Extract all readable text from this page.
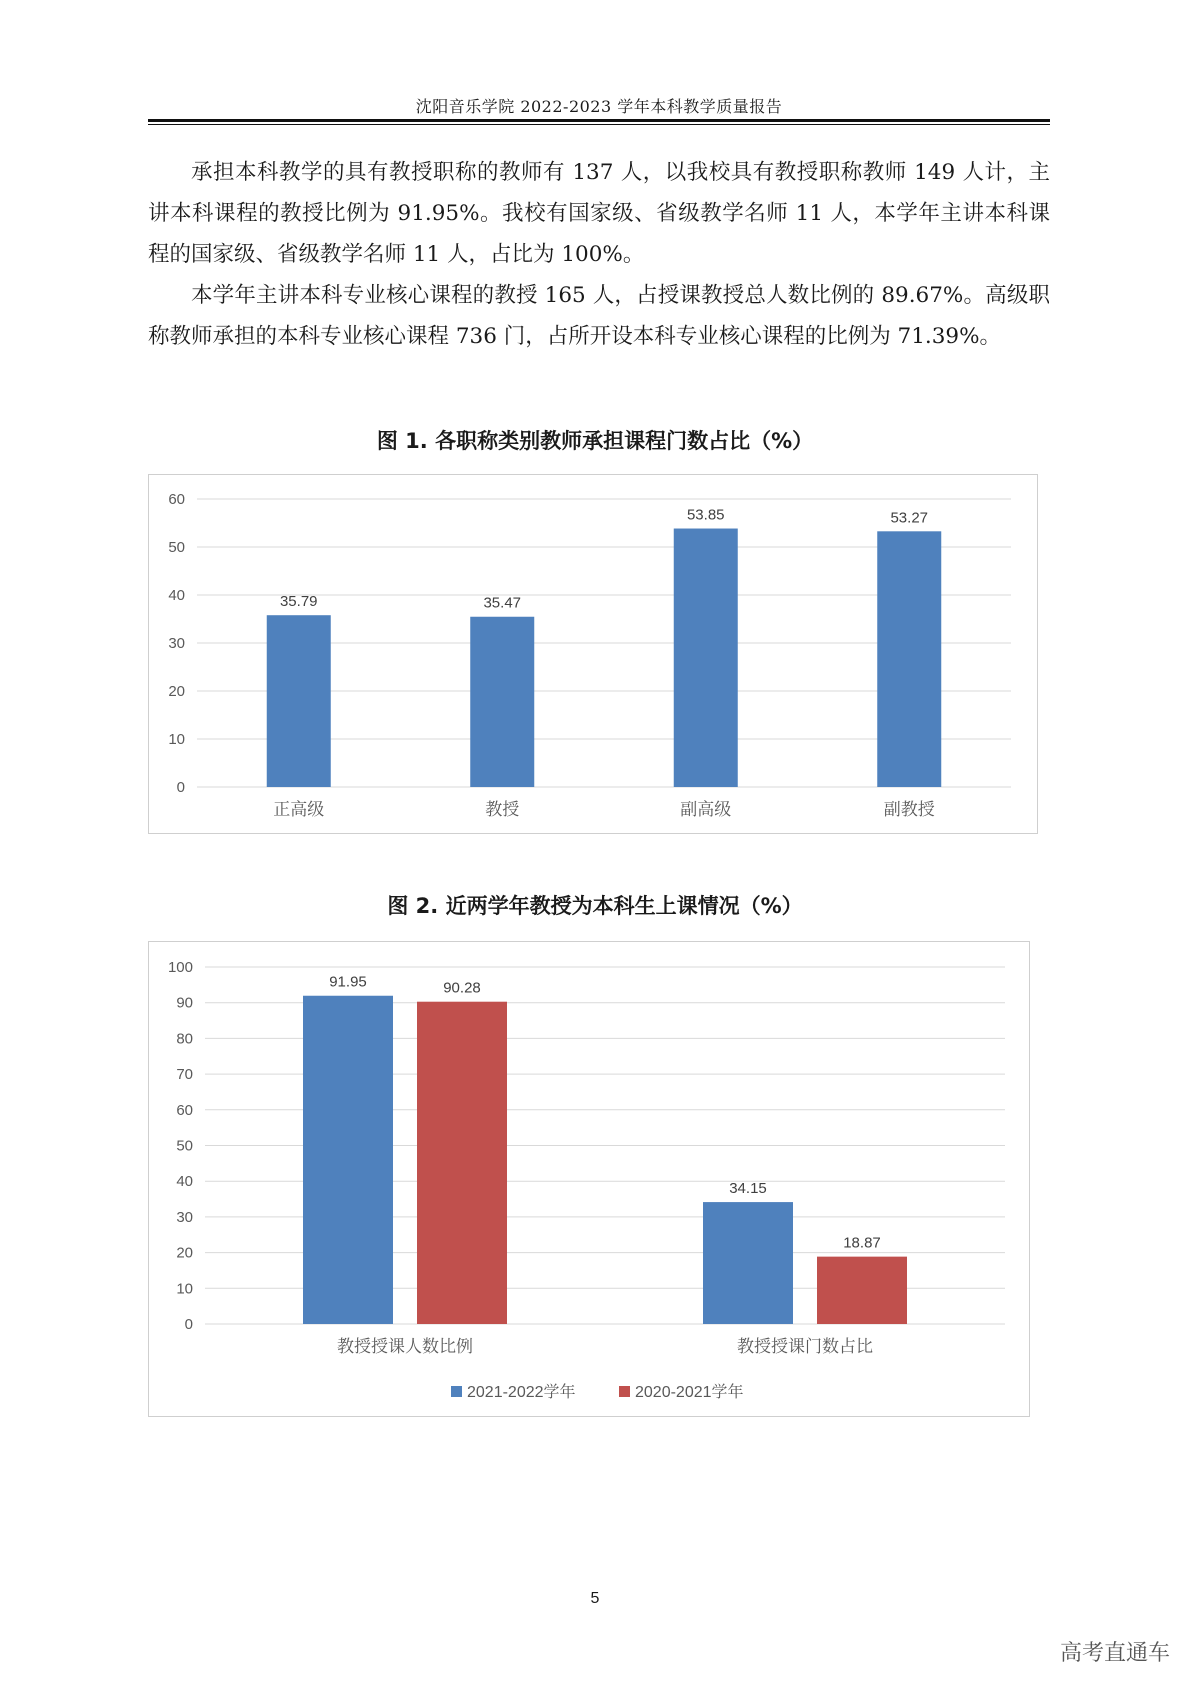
沈阳音乐学院 2022-2023 学年本科教学质量报告

承担本科教学的具有教授职称的教师有 137 人，以我校具有教授职称教师 149 人计，主讲本科课程的教授比例为 91.95%。我校有国家级、省级教学名师 11 人，本学年主讲本科课程的国家级、省级教学名师 11 人，占比为 100%。

本学年主讲本科专业核心课程的教授 165 人，占授课教授总人数比例的 89.67%。高级职称教师承担的本科专业核心课程 736 门，占所开设本科专业核心课程的比例为 71.39%。

图 1. 各职称类别教师承担课程门数占比（%）
0
10
20
30
40
50
60
35.79
正高级
35.47
教授
53.85
副高级
53.27
副教授
图 2. 近两学年教授为本科生上课情况（%）
0
10
20
30
40
50
60
70
80
90
100
91.95	90.28
教授授课人数比例
34.15
18.87
教授授课门数占比
2021-2022学年	2020-2021学年
5
高考直通车
